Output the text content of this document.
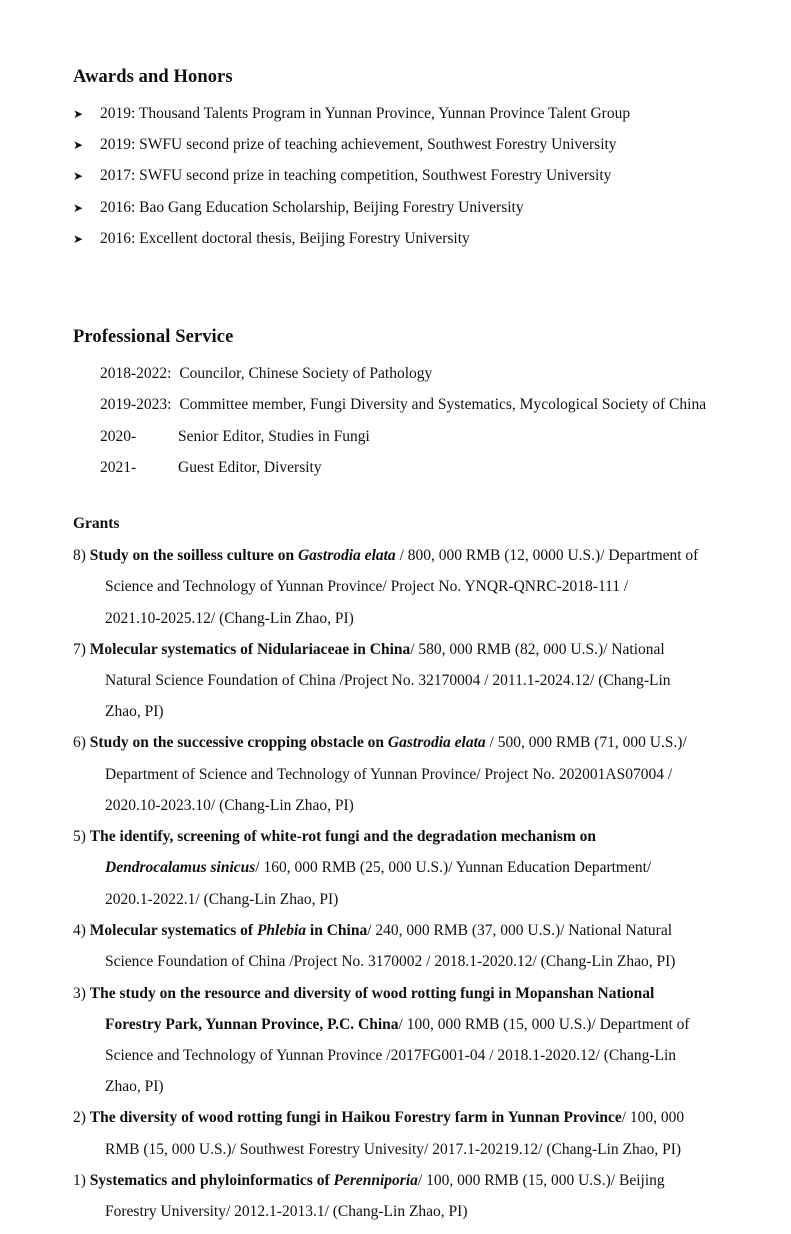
Awards and Honors
➤ 2019: Thousand Talents Program in Yunnan Province, Yunnan Province Talent Group
➤ 2019: SWFU second prize of teaching achievement, Southwest Forestry University
➤ 2017: SWFU second prize in teaching competition, Southwest Forestry University
➤ 2016: Bao Gang Education Scholarship, Beijing Forestry University
➤ 2016: Excellent doctoral thesis, Beijing Forestry University
Professional Service
2018-2022: Councilor, Chinese Society of Pathology
2019-2023: Committee member, Fungi Diversity and Systematics, Mycological Society of China
2020-	Senior Editor, Studies in Fungi
2021-	Guest Editor, Diversity
Grants
8) Study on the soilless culture on Gastrodia elata / 800, 000 RMB (12, 0000 U.S.)/ Department of
Science and Technology of Yunnan Province/ Project No. YNQR-QNRC-2018-111 /
2021.10-2025.12/ (Chang-Lin Zhao, PI)
7) Molecular systematics of Nidulariaceae in China/ 580, 000 RMB (82, 000 U.S.)/ National
Natural Science Foundation of China /Project No. 32170004 / 2011.1-2024.12/ (Chang-Lin
Zhao, PI)
6) Study on the successive cropping obstacle on Gastrodia elata / 500, 000 RMB (71, 000 U.S.)/
Department of Science and Technology of Yunnan Province/ Project No. 202001AS07004 /
2020.10-2023.10/ (Chang-Lin Zhao, PI)
5) The identify, screening of white-rot fungi and the degradation mechanism on
Dendrocalamus sinicus/ 160, 000 RMB (25, 000 U.S.)/ Yunnan Education Department/
2020.1-2022.1/ (Chang-Lin Zhao, PI)
4) Molecular systematics of Phlebia in China/ 240, 000 RMB (37, 000 U.S.)/ National Natural
Science Foundation of China /Project No. 3170002 / 2018.1-2020.12/ (Chang-Lin Zhao, PI)
3) The study on the resource and diversity of wood rotting fungi in Mopanshan National
Forestry Park, Yunnan Province, P.C. China/ 100, 000 RMB (15, 000 U.S.)/ Department of
Science and Technology of Yunnan Province /2017FG001-04 / 2018.1-2020.12/ (Chang-Lin
Zhao, PI)
2) The diversity of wood rotting fungi in Haikou Forestry farm in Yunnan Province/ 100, 000
RMB (15, 000 U.S.)/ Southwest Forestry Univesity/ 2017.1-20219.12/ (Chang-Lin Zhao, PI)
1) Systematics and phyloinformatics of Perenniporia/ 100, 000 RMB (15, 000 U.S.)/ Beijing
Forestry University/ 2012.1-2013.1/ (Chang-Lin Zhao, PI)
